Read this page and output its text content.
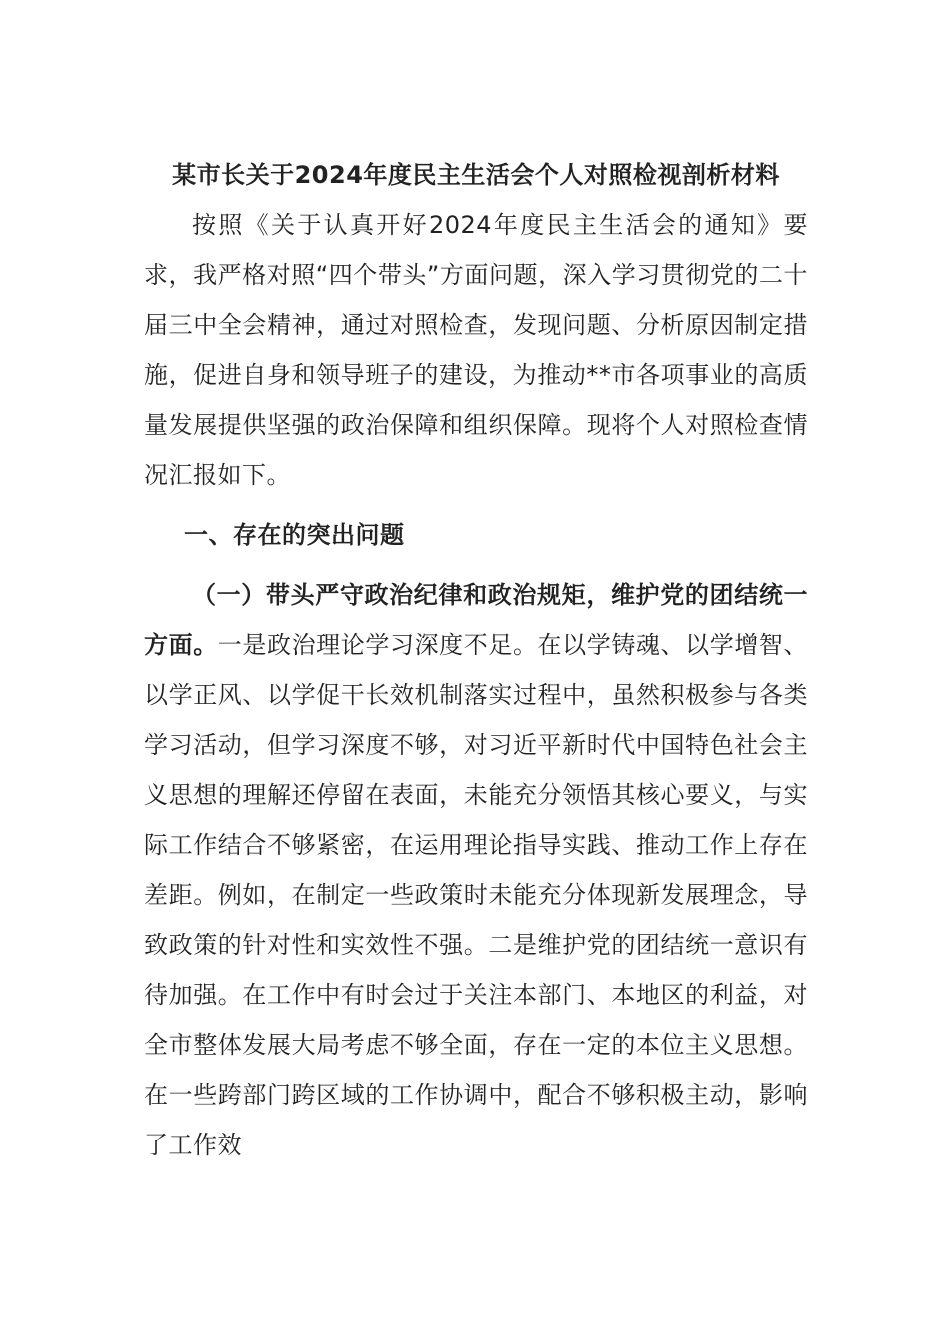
某市长关于2024年度民主生活会个人对照检视剖析材料

按照《关于认真开好2024年度民主生活会的通知》要求，我严格对照“四个带头”方面问题，深入学习贯彻党的二十届三中全会精神，通过对照检查，发现问题、分析原因制定措施，促进自身和领导班子的建设，为推动**市各项事业的高质量发展提供坚强的政治保障和组织保障。现将个人对照检查情况汇报如下。

一、存在的突出问题

（一）带头严守政治纪律和政治规矩，维护党的团结统一方面。一是政治理论学习深度不足。在以学铸魂、以学增智、以学正风、以学促干长效机制落实过程中，虽然积极参与各类学习活动，但学习深度不够，对习近平新时代中国特色社会主义思想的理解还停留在表面，未能充分领悟其核心要义，与实际工作结合不够紧密，在运用理论指导实践、推动工作上存在差距。例如，在制定一些政策时未能充分体现新发展理念，导致政策的针对性和实效性不强。二是维护党的团结统一意识有待加强。在工作中有时会过于关注本部门、本地区的利益，对全市整体发展大局考虑不够全面，存在一定的本位主义思想。在一些跨部门跨区域的工作协调中，配合不够积极主动，影响了工作效
